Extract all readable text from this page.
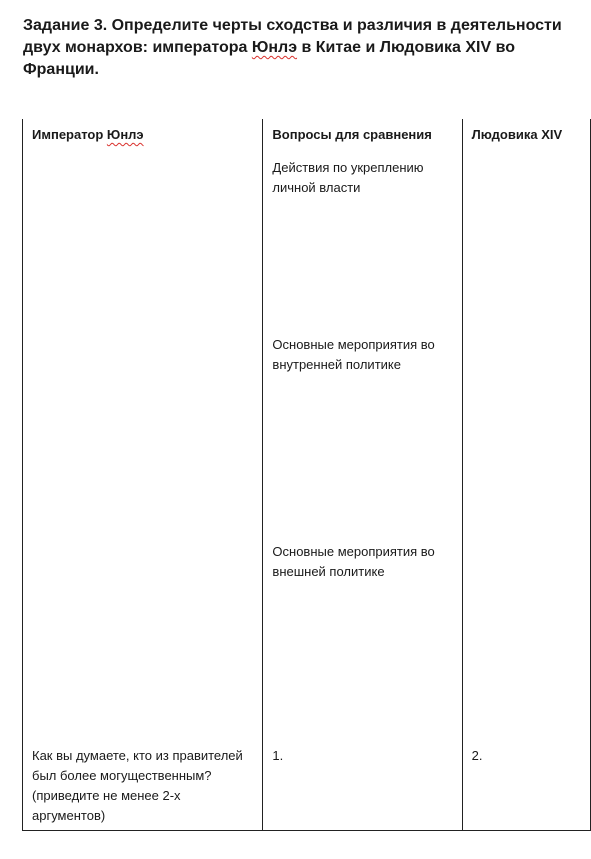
Задание 3. Определите черты сходства и различия в деятельности двух монархов: императора Юнлэ в Китае и Людовика XIV во Франции.
Император Юнлэ	Вопросы для сравнения	Людовика XIV

	Действия по укреплению личной власти	

	Основные мероприятия во внутренней политике	

	Основные мероприятия во внешней политике	

Как вы думаете, кто из правителей был более могущественным? (приведите не менее 2-х аргументов)	1.	2.
